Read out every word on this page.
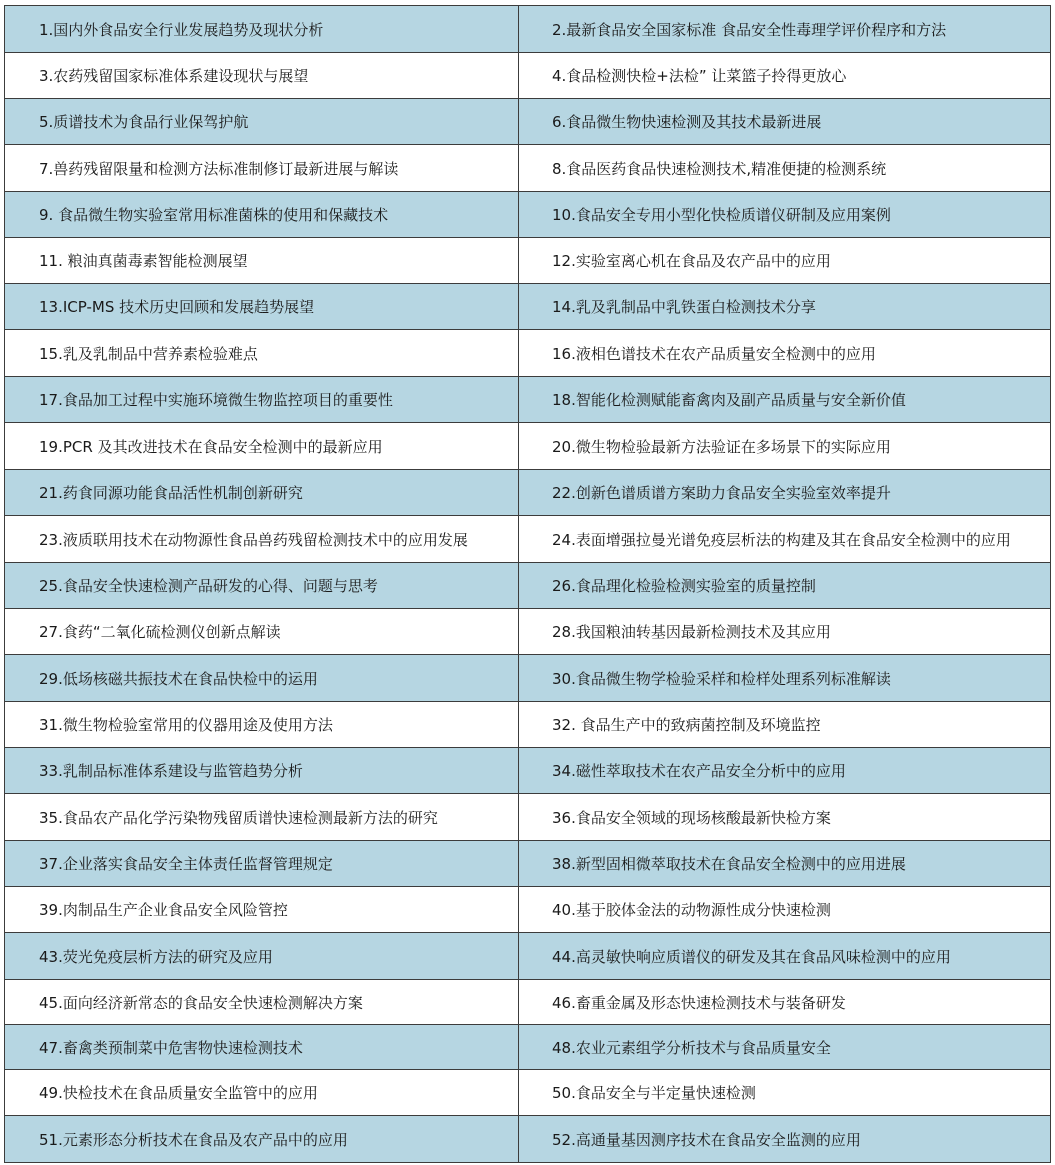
1.国内外食品安全行业发展趋势及现状分析	2.最新食品安全国家标准 食品安全性毒理学评价程序和方法
3.农药残留国家标准体系建设现状与展望	4.食品检测快检+法检” 让菜篮子拎得更放心
5.质谱技术为食品行业保驾护航	6.食品微生物快速检测及其技术最新进展
7.兽药残留限量和检测方法标准制修订最新进展与解读	8.食品医药食品快速检测技术,精准便捷的检测系统
9. 食品微生物实验室常用标准菌株的使用和保藏技术	10.食品安全专用小型化快检质谱仪研制及应用案例
11. 粮油真菌毒素智能检测展望	12.实验室离心机在食品及农产品中的应用
13.ICP-MS 技术历史回顾和发展趋势展望	14.乳及乳制品中乳铁蛋白检测技术分享
15.乳及乳制品中营养素检验难点	16.液相色谱技术在农产品质量安全检测中的应用
17.食品加工过程中实施环境微生物监控项目的重要性	18.智能化检测赋能畜禽肉及副产品质量与安全新价值
19.PCR 及其改进技术在食品安全检测中的最新应用	20.微生物检验最新方法验证在多场景下的实际应用
21.药食同源功能食品活性机制创新研究	22.创新色谱质谱方案助力食品安全实验室效率提升
23.液质联用技术在动物源性食品兽药残留检测技术中的应用发展	24.表面增强拉曼光谱免疫层析法的构建及其在食品安全检测中的应用
25.食品安全快速检测产品研发的心得、问题与思考	26.食品理化检验检测实验室的质量控制
27.食药“二氧化硫检测仪创新点解读	28.我国粮油转基因最新检测技术及其应用
29.低场核磁共振技术在食品快检中的运用	30.食品微生物学检验采样和检样处理系列标准解读
31.微生物检验室常用的仪器用途及使用方法	32. 食品生产中的致病菌控制及环境监控
33.乳制品标准体系建设与监管趋势分析	34.磁性萃取技术在农产品安全分析中的应用
35.食品农产品化学污染物残留质谱快速检测最新方法的研究	36.食品安全领域的现场核酸最新快检方案
37.企业落实食品安全主体责任监督管理规定	38.新型固相微萃取技术在食品安全检测中的应用进展
39.肉制品生产企业食品安全风险管控	40.基于胶体金法的动物源性成分快速检测
43.荧光免疫层析方法的研究及应用	44.高灵敏快响应质谱仪的研发及其在食品风味检测中的应用
45.面向经济新常态的食品安全快速检测解决方案	46.畜重金属及形态快速检测技术与装备研发
47.畜禽类预制菜中危害物快速检测技术	48.农业元素组学分析技术与食品质量安全
49.快检技术在食品质量安全监管中的应用	50.食品安全与半定量快速检测
51.元素形态分析技术在食品及农产品中的应用	52.高通量基因测序技术在食品安全监测的应用
